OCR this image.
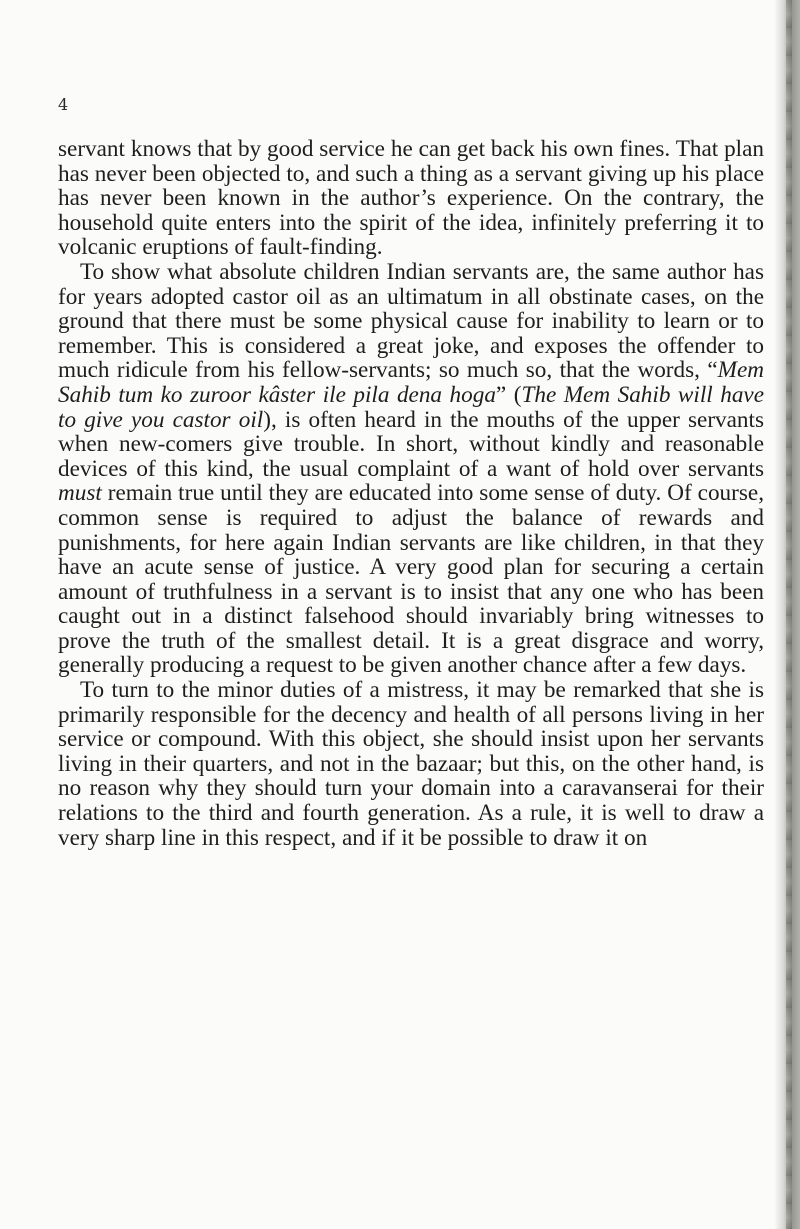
4

servant knows that by good service he can get back his own fines. That plan has never been objected to, and such a thing as a servant giving up his place has never been known in the author’s experience. On the contrary, the household quite enters into the spirit of the idea, infinitely preferring it to volcanic eruptions of fault-finding.

To show what absolute children Indian servants are, the same author has for years adopted castor oil as an ultimatum in all obstinate cases, on the ground that there must be some physical cause for inability to learn or to remember. This is considered a great joke, and exposes the offender to much ridicule from his fellow-servants; so much so, that the words, “Mem Sahib tum ko zuroor kâster ile pila dena hoga” (The Mem Sahib will have to give you castor oil), is often heard in the mouths of the upper servants when new-comers give trouble. In short, without kindly and reasonable devices of this kind, the usual complaint of a want of hold over servants must remain true until they are educated into some sense of duty. Of course, common sense is required to adjust the balance of rewards and punishments, for here again Indian servants are like children, in that they have an acute sense of justice. A very good plan for securing a certain amount of truthfulness in a servant is to insist that any one who has been caught out in a distinct falsehood should invariably bring witnesses to prove the truth of the smallest detail. It is a great disgrace and worry, generally producing a request to be given another chance after a few days.

To turn to the minor duties of a mistress, it may be remarked that she is primarily responsible for the decency and health of all persons living in her service or compound. With this object, she should insist upon her servants living in their quarters, and not in the bazaar; but this, on the other hand, is no reason why they should turn your domain into a caravanserai for their relations to the third and fourth generation. As a rule, it is well to draw a very sharp line in this respect, and if it be possible to draw it on
